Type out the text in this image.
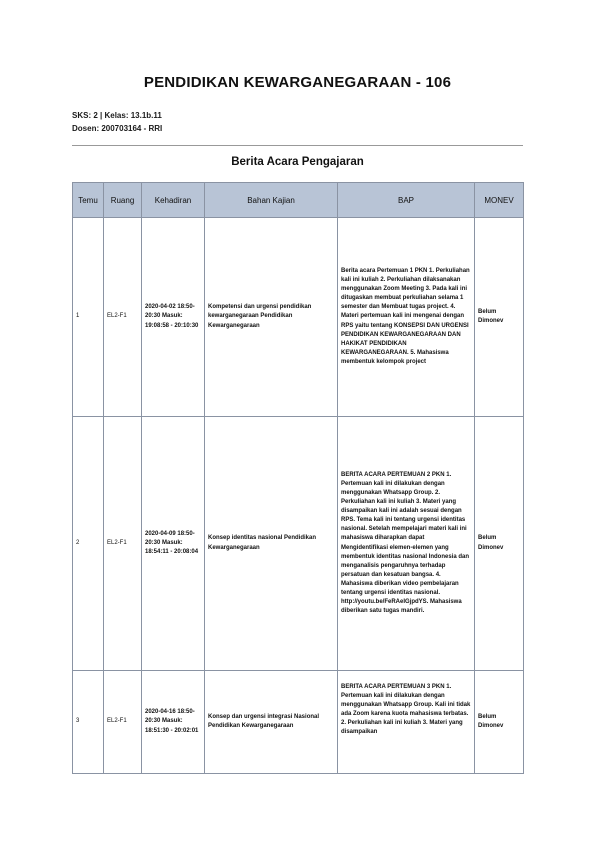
PENDIDIKAN KEWARGANEGARAAN - 106
SKS: 2 | Kelas: 13.1b.11
Dosen: 200703164 - RRI
Berita Acara Pengajaran
Temu	Ruang	Kehadiran	Bahan Kajian	BAP	MONEV
1	EL2-F1	2020-04-02 18:50-20:30 Masuk: 19:08:58 - 20:10:30	Kompetensi dan urgensi pendidikan kewarganegaraan Pendidikan Kewarganegaraan	Berita acara Pertemuan 1 PKN 1. Perkuliahan kali ini kuliah 2. Perkuliahan dilaksanakan menggunakan Zoom Meeting 3. Pada kali ini ditugaskan membuat perkuliahan selama 1 semester dan Membuat tugas project. 4. Materi pertemuan kali ini mengenai dengan RPS yaitu tentang KONSEPSI DAN URGENSI PENDIDIKAN KEWARGANEGARAAN DAN HAKIKAT PENDIDIKAN KEWARGANEGARAAN. 5. Mahasiswa membentuk kelompok project	Belum Dimonev
2	EL2-F1	2020-04-09 18:50-20:30 Masuk: 18:54:11 - 20:08:04	Konsep identitas nasional Pendidikan Kewarganegaraan	BERITA ACARA PERTEMUAN 2 PKN 1. Pertemuan kali ini dilakukan dengan menggunakan Whatsapp Group. 2. Perkuliahan kali ini kuliah 3. Materi yang disampaikan kali ini adalah sesuai dengan RPS. Tema kali ini tentang urgensi identitas nasional. Setelah mempelajari materi kali ini mahasiswa diharapkan dapat Mengidentifikasi elemen-elemen yang membentuk identitas nasional Indonesia dan menganalisis pengaruhnya terhadap persatuan dan kesatuan bangsa. 4. Mahasiswa diberikan video pembelajaran tentang urgensi identitas nasional. http://youtu.be/FeRAeIGjpdYS. Mahasiswa diberikan satu tugas mandiri.	Belum Dimonev
3	EL2-F1	2020-04-16 18:50-20:30 Masuk: 18:51:30 - 20:02:01	Konsep dan urgensi integrasi Nasional Pendidikan Kewarganegaraan	BERITA ACARA PERTEMUAN 3 PKN 1. Pertemuan kali ini dilakukan dengan menggunakan Whatsapp Group. Kali ini tidak ada Zoom karena kuota mahasiswa terbatas. 2. Perkuliahan kali ini kuliah 3. Materi yang disampaikan	Belum Dimonev
